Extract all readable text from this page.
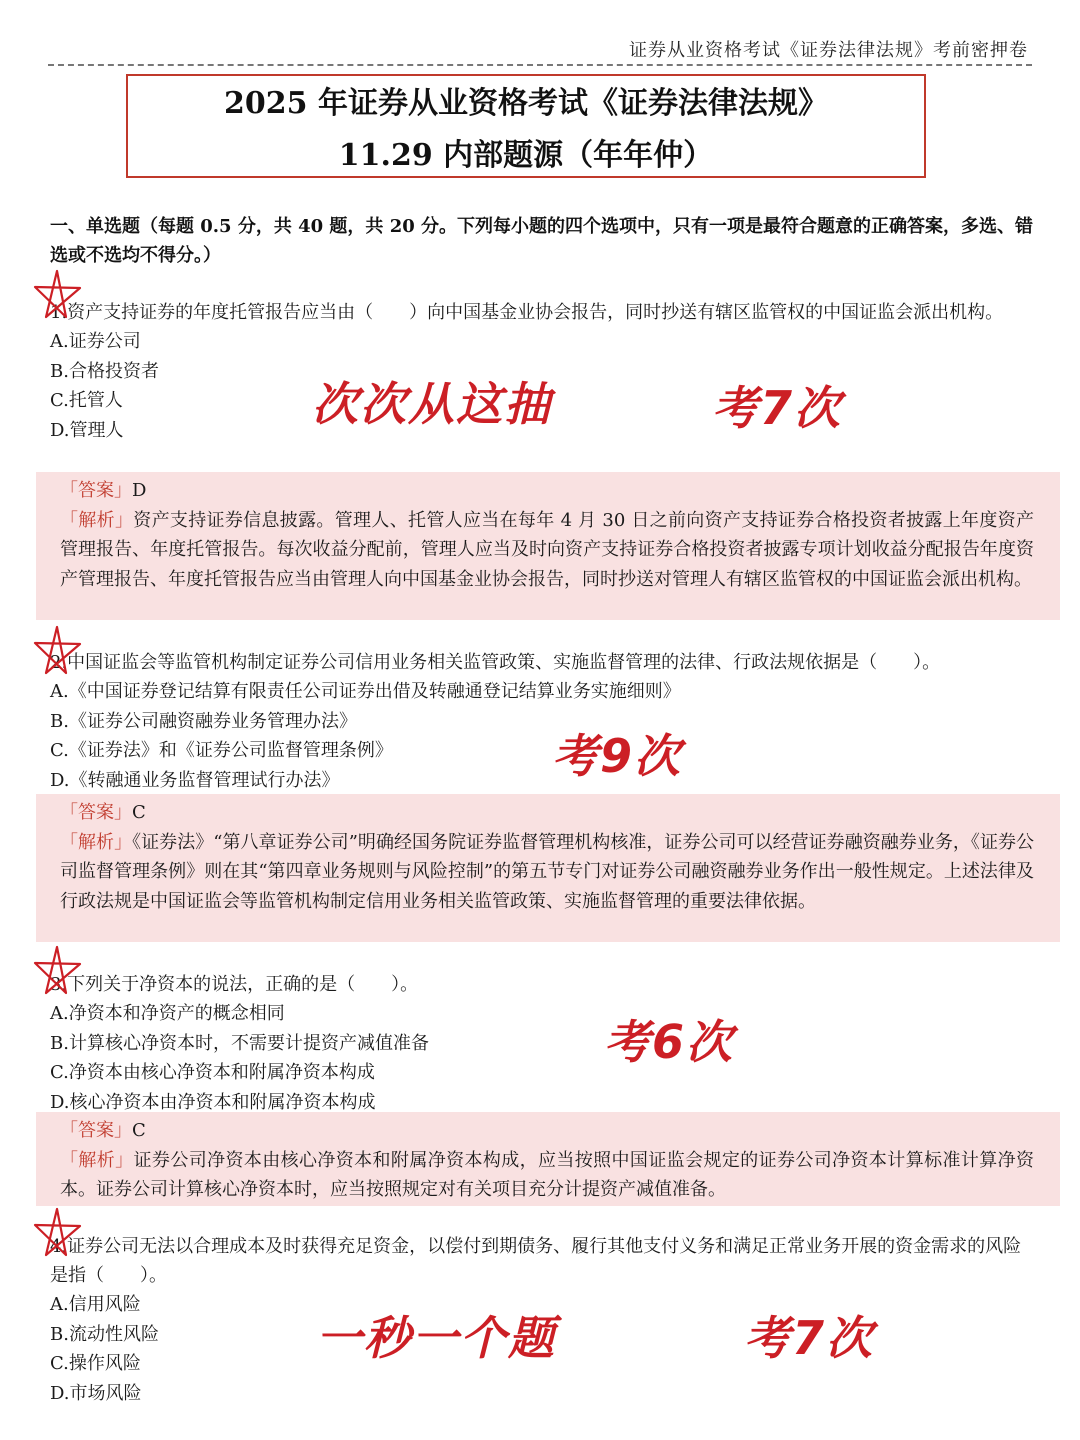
证券从业资格考试《证券法律法规》考前密押卷
2025 年证券从业资格考试《证券法律法规》
11.29 内部题源（年年仲）
一、单选题（每题 0.5 分，共 40 题，共 20 分。下列每小题的四个选项中，只有一项是最符合题意的正确答案，多选、错选或不选均不得分。）

1.资产支持证券的年度托管报告应当由（　　）向中国基金业协会报告，同时抄送有辖区监管权的中国证监会派出机构。

A.证券公司

B.合格投资者

C.托管人

D.管理人

「答案」D

「解析」资产支持证券信息披露。管理人、托管人应当在每年 4 月 30 日之前向资产支持证券合格投资者披露上年度资产管理报告、年度托管报告。每次收益分配前，管理人应当及时向资产支持证券合格投资者披露专项计划收益分配报告年度资产管理报告、年度托管报告应当由管理人向中国基金业协会报告，同时抄送对管理人有辖区监管权的中国证监会派出机构。

2.中国证监会等监管机构制定证券公司信用业务相关监管政策、实施监督管理的法律、行政法规依据是（　　）。

A.《中国证券登记结算有限责任公司证券出借及转融通登记结算业务实施细则》

B.《证券公司融资融券业务管理办法》

C.《证券法》和《证券公司监督管理条例》

D.《转融通业务监督管理试行办法》

「答案」C

「解析」《证券法》“第八章证券公司”明确经国务院证券监督管理机构核准，证券公司可以经营证券融资融券业务，《证券公司监督管理条例》则在其“第四章业务规则与风险控制”的第五节专门对证券公司融资融券业务作出一般性规定。上述法律及行政法规是中国证监会等监管机构制定信用业务相关监管政策、实施监督管理的重要法律依据。

3.下列关于净资本的说法，正确的是（　　）。

A.净资本和净资产的概念相同

B.计算核心净资本时，不需要计提资产减值准备

C.净资本由核心净资本和附属净资本构成

D.核心净资本由净资本和附属净资本构成

「答案」C

「解析」证券公司净资本由核心净资本和附属净资本构成，应当按照中国证监会规定的证券公司净资本计算标准计算净资本。证券公司计算核心净资本时，应当按照规定对有关项目充分计提资产减值准备。

4.证券公司无法以合理成本及时获得充足资金，以偿付到期债务、履行其他支付义务和满足正常业务开展的资金需求的风险是指（　　）。

A.信用风险

B.流动性风险

C.操作风险

D.市场风险

次次从这抽	考7次
考9次
考6次
一秒一个题	考7次
